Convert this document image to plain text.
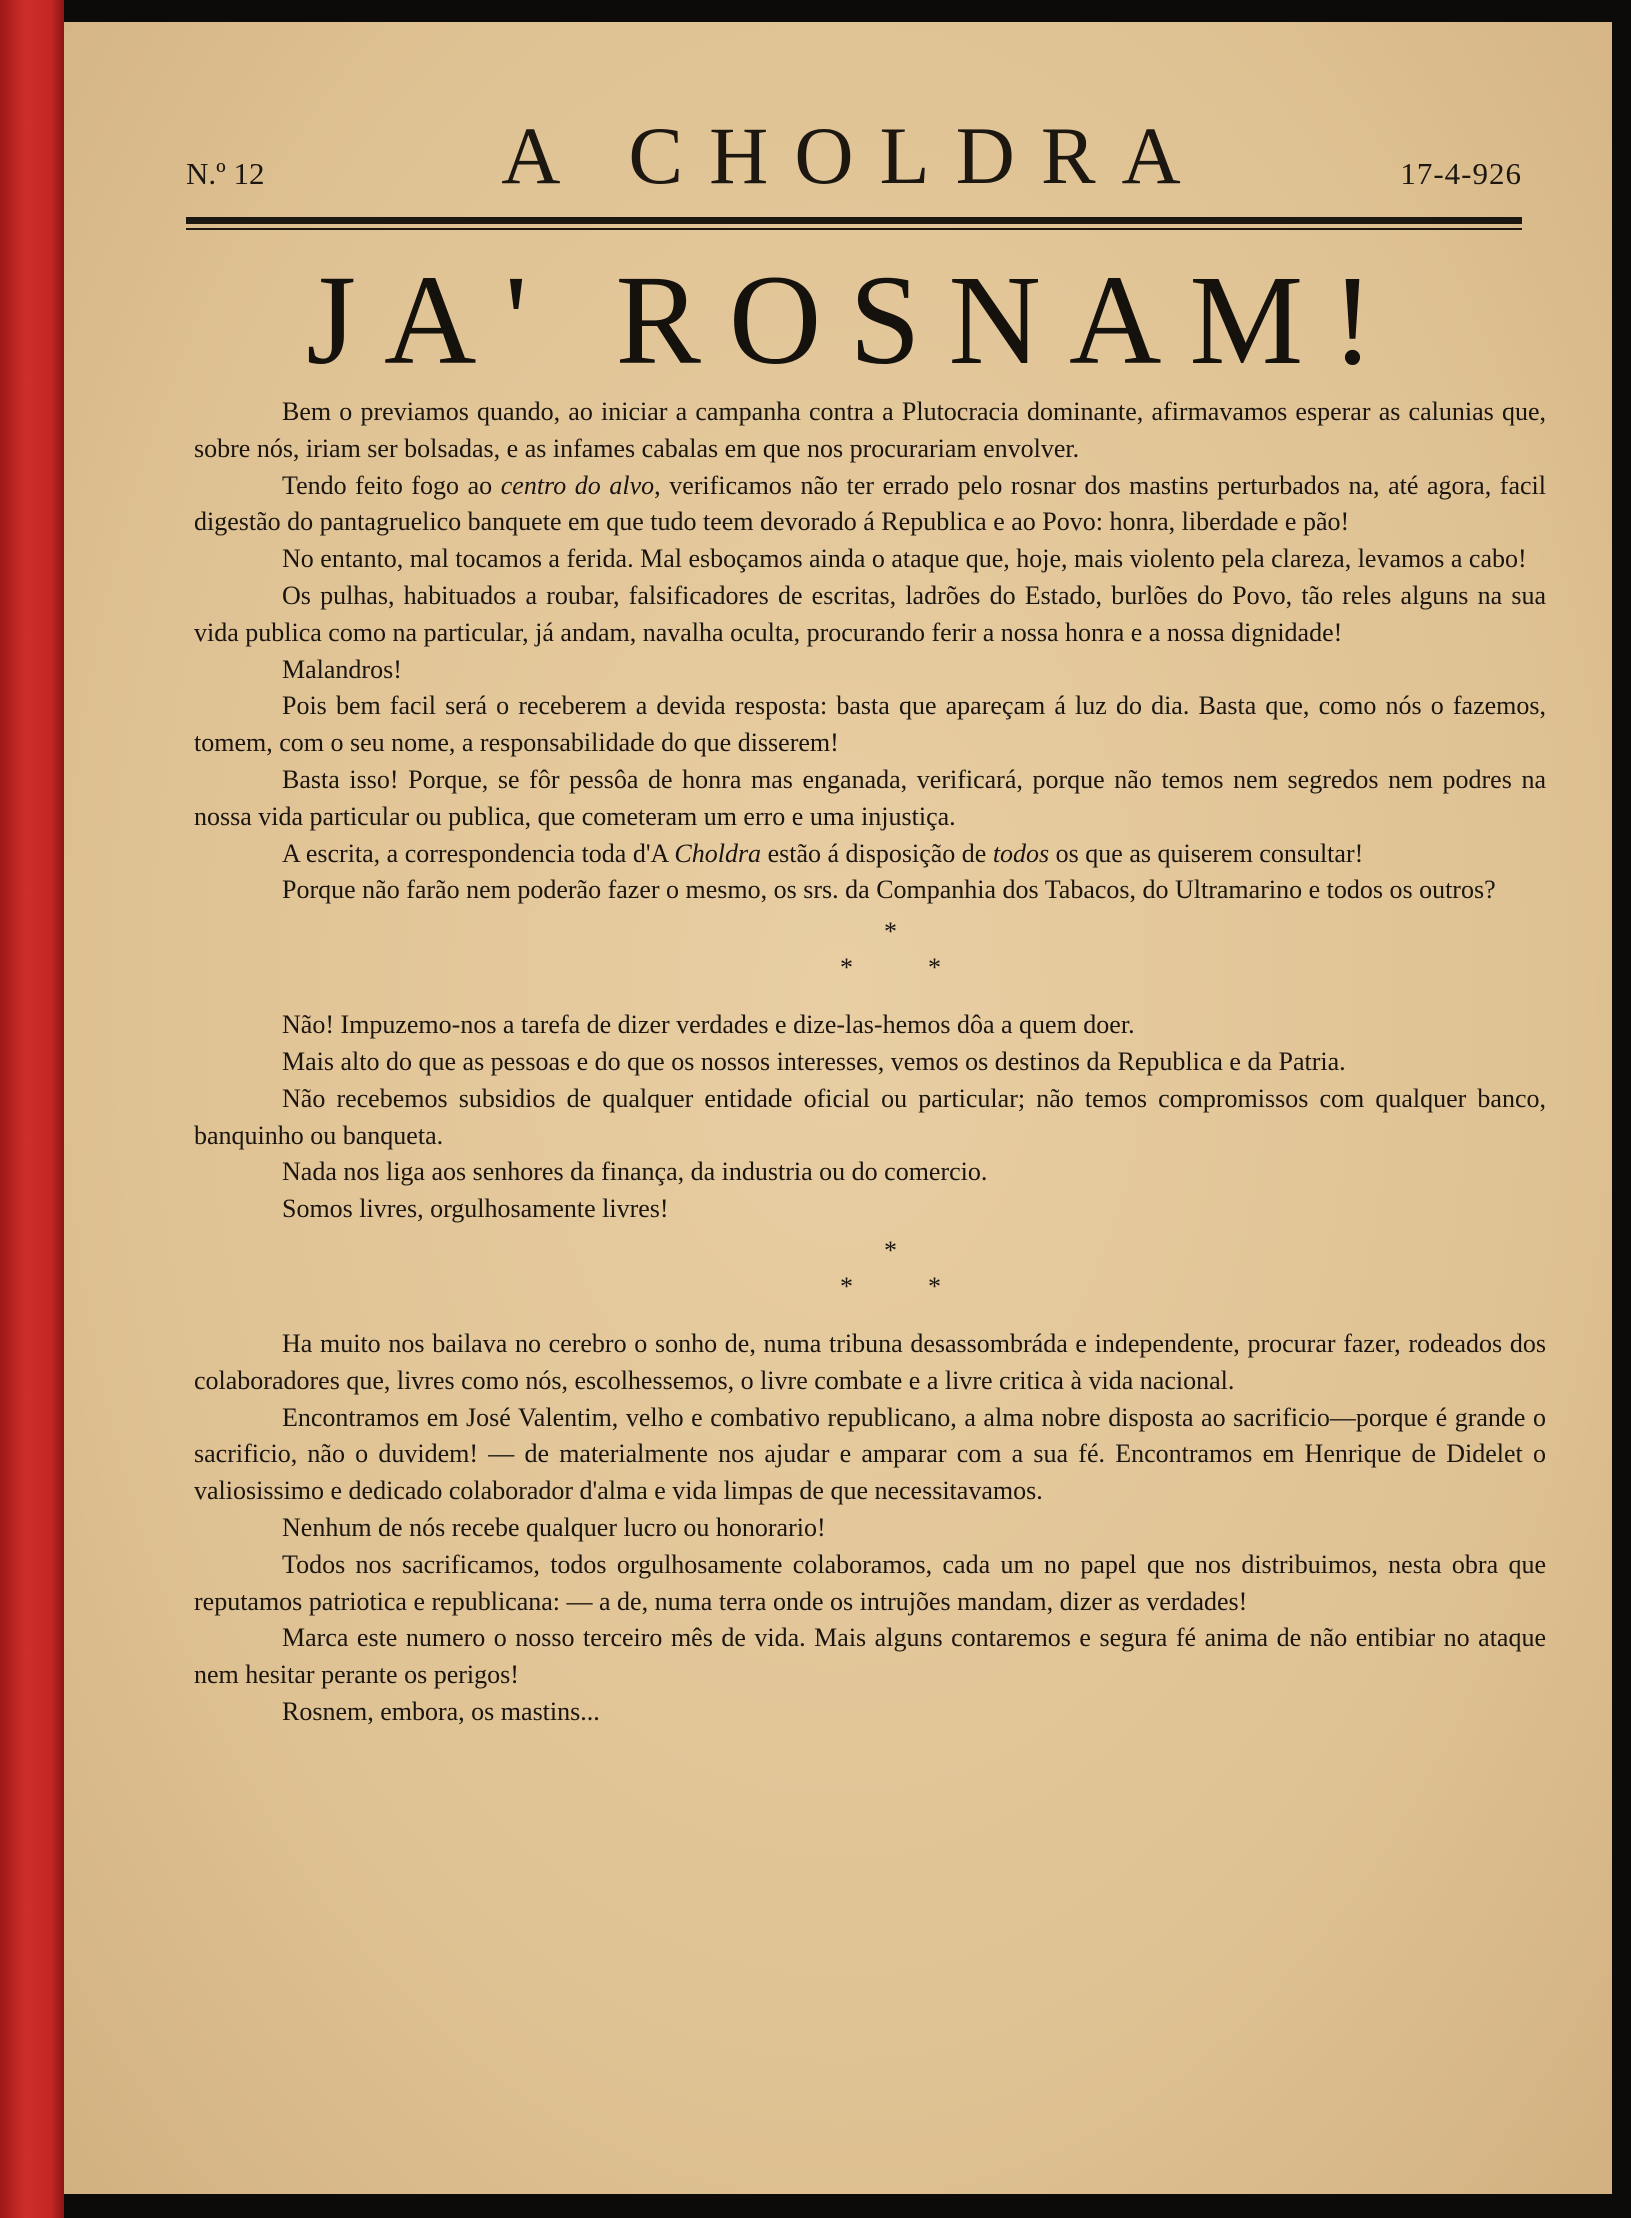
N.º 12	A CHOLDRA	17-4-926
JA' ROSNAM!

Bem o previamos quando, ao iniciar a campanha contra a Plutocracia dominante, afirmavamos esperar as calunias que, sobre nós, iriam ser bolsadas, e as infames cabalas em que nos procurariam envolver.

Tendo feito fogo ao centro do alvo, verificamos não ter errado pelo rosnar dos mastins perturbados na, até agora, facil digestão do pantagruelico banquete em que tudo teem devorado á Republica e ao Povo: honra, liberdade e pão!

No entanto, mal tocamos a ferida. Mal esboçamos ainda o ataque que, hoje, mais violento pela clareza, levamos a cabo!

Os pulhas, habituados a roubar, falsificadores de escritas, ladrões do Estado, burlões do Povo, tão reles alguns na sua vida publica como na particular, já andam, navalha oculta, procurando ferir a nossa honra e a nossa dignidade!

Malandros!

Pois bem facil será o receberem a devida resposta: basta que apareçam á luz do dia. Basta que, como nós o fazemos, tomem, com o seu nome, a responsabilidade do que disserem!

Basta isso! Porque, se fôr pessôa de honra mas enganada, verificará, porque não temos nem segredos nem podres na nossa vida particular ou publica, que cometeram um erro e uma injustiça.

A escrita, a correspondencia toda d'A Choldra estão á disposição de todos os que as quiserem consultar!

Porque não farão nem poderão fazer o mesmo, os srs. da Companhia dos Tabacos, do Ultramarino e todos os outros?

*
*	*

Não! Impuzemo-nos a tarefa de dizer verdades e dize-las-hemos dôa a quem doer.

Mais alto do que as pessoas e do que os nossos interesses, vemos os destinos da Republica e da Patria.

Não recebemos subsidios de qualquer entidade oficial ou particular; não temos compromissos com qualquer banco, banquinho ou banqueta.

Nada nos liga aos senhores da finança, da industria ou do comercio.

Somos livres, orgulhosamente livres!

*
*	*

Ha muito nos bailava no cerebro o sonho de, numa tribuna desassombráda e independente, procurar fazer, rodeados dos colaboradores que, livres como nós, escolhessemos, o livre combate e a livre critica à vida nacional.

Encontramos em José Valentim, velho e combativo republicano, a alma nobre disposta ao sacrificio—porque é grande o sacrificio, não o duvidem! — de materialmente nos ajudar e amparar com a sua fé. Encontramos em Henrique de Didelet o valiosissimo e dedicado colaborador d'alma e vida limpas de que necessitavamos.

Nenhum de nós recebe qualquer lucro ou honorario!

Todos nos sacrificamos, todos orgulhosamente colaboramos, cada um no papel que nos distribuimos, nesta obra que reputamos patriotica e republicana: — a de, numa terra onde os intrujões mandam, dizer as verdades!

Marca este numero o nosso terceiro mês de vida. Mais alguns contaremos e segura fé anima de não entibiar no ataque nem hesitar perante os perigos!

Rosnem, embora, os mastins...
